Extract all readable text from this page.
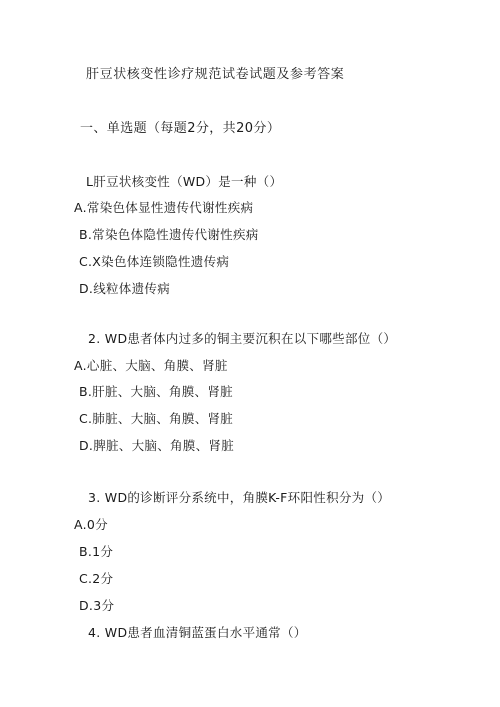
肝豆状核变性诊疗规范试卷试题及参考答案
一、单选题（每题2分，共20分）
L肝豆状核变性（WD）是一种（）
A.常染色体显性遗传代谢性疾病
B.常染色体隐性遗传代谢性疾病
C.X染色体连锁隐性遗传病
D.线粒体遗传病
2. WD患者体内过多的铜主要沉积在以下哪些部位（）
A.心脏、大脑、角膜、肾脏
B.肝脏、大脑、角膜、肾脏
C.肺脏、大脑、角膜、肾脏
D.脾脏、大脑、角膜、肾脏
3. WD的诊断评分系统中，角膜K-F环阳性积分为（）
A.0分
B.1分
C.2分
D.3分
4. WD患者血清铜蓝蛋白水平通常（）
